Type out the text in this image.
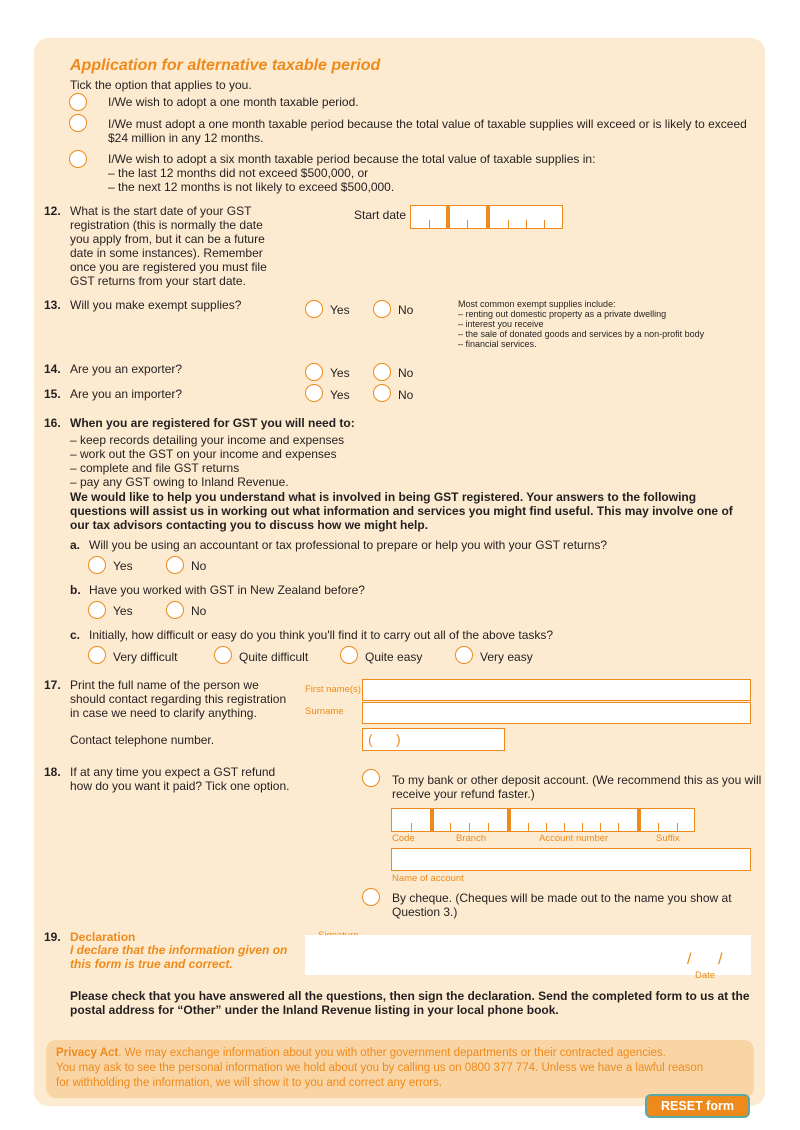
Application for alternative taxable period
Tick the option that applies to you.
I/We wish to adopt a one month taxable period.
I/We must adopt a one month taxable period because the total value of taxable supplies will exceed or is likely to exceed
$24 million in any 12 months.
I/We wish to adopt a six month taxable period because the total value of taxable supplies in:
– the last 12 months did not exceed $500,000, or
– the next 12 months is not likely to exceed $500,000.
12. What is the start date of your GST
registration (this is normally the date
you apply from, but it can be a future
date in some instances). Remember
once you are registered you must file
GST returns from your start date.
Start date
13. Will you make exempt supplies?	Yes	No	Most common exempt supplies include:
– renting out domestic property as a private dwelling
– interest you receive
– the sale of donated goods and services by a non-profit body
– financial services.
14. Are you an exporter?	Yes	No
15. Are you an importer?	Yes	No
16. When you are registered for GST you will need to:
– keep records detailing your income and expenses
– work out the GST on your income and expenses
– complete and file GST returns
– pay any GST owing to Inland Revenue.
We would like to help you understand what is involved in being GST registered. Your answers to the following
questions will assist us in working out what information and services you might find useful. This may involve one of
our tax advisors contacting you to discuss how we might help.
a. Will you be using an accountant or tax professional to prepare or help you with your GST returns?
Yes	No
b. Have you worked with GST in New Zealand before?
Yes	No
c. Initially, how difficult or easy do you think you'll find it to carry out all of the above tasks?
Very difficult	Quite difficult	Quite easy	Very easy
17. Print the full name of the person we
should contact regarding this registration
in case we need to clarify anything.
First name(s)
Surname
Contact telephone number.	(      )
18. If at any time you expect a GST refund
how do you want it paid? Tick one option.	To my bank or other deposit account. (We recommend this as you will
receive your refund faster.)
Code	Branch	Account number	Suffix
Name of account
By cheque. (Cheques will be made out to the name you show at
Question 3.)
19. Declaration
I declare that the information given on
this form is true and correct.	/      /
Date
Please check that you have answered all the questions, then sign the declaration. Send the completed form to us at the
postal address for “Other” under the Inland Revenue listing in your local phone book.
Privacy Act. We may exchange information about you with other government departments or their contracted agencies.
You may ask to see the personal information we hold about you by calling us on 0800 377 774. Unless we have a lawful reason
for withholding the information, we will show it to you and correct any errors.
RESET form
